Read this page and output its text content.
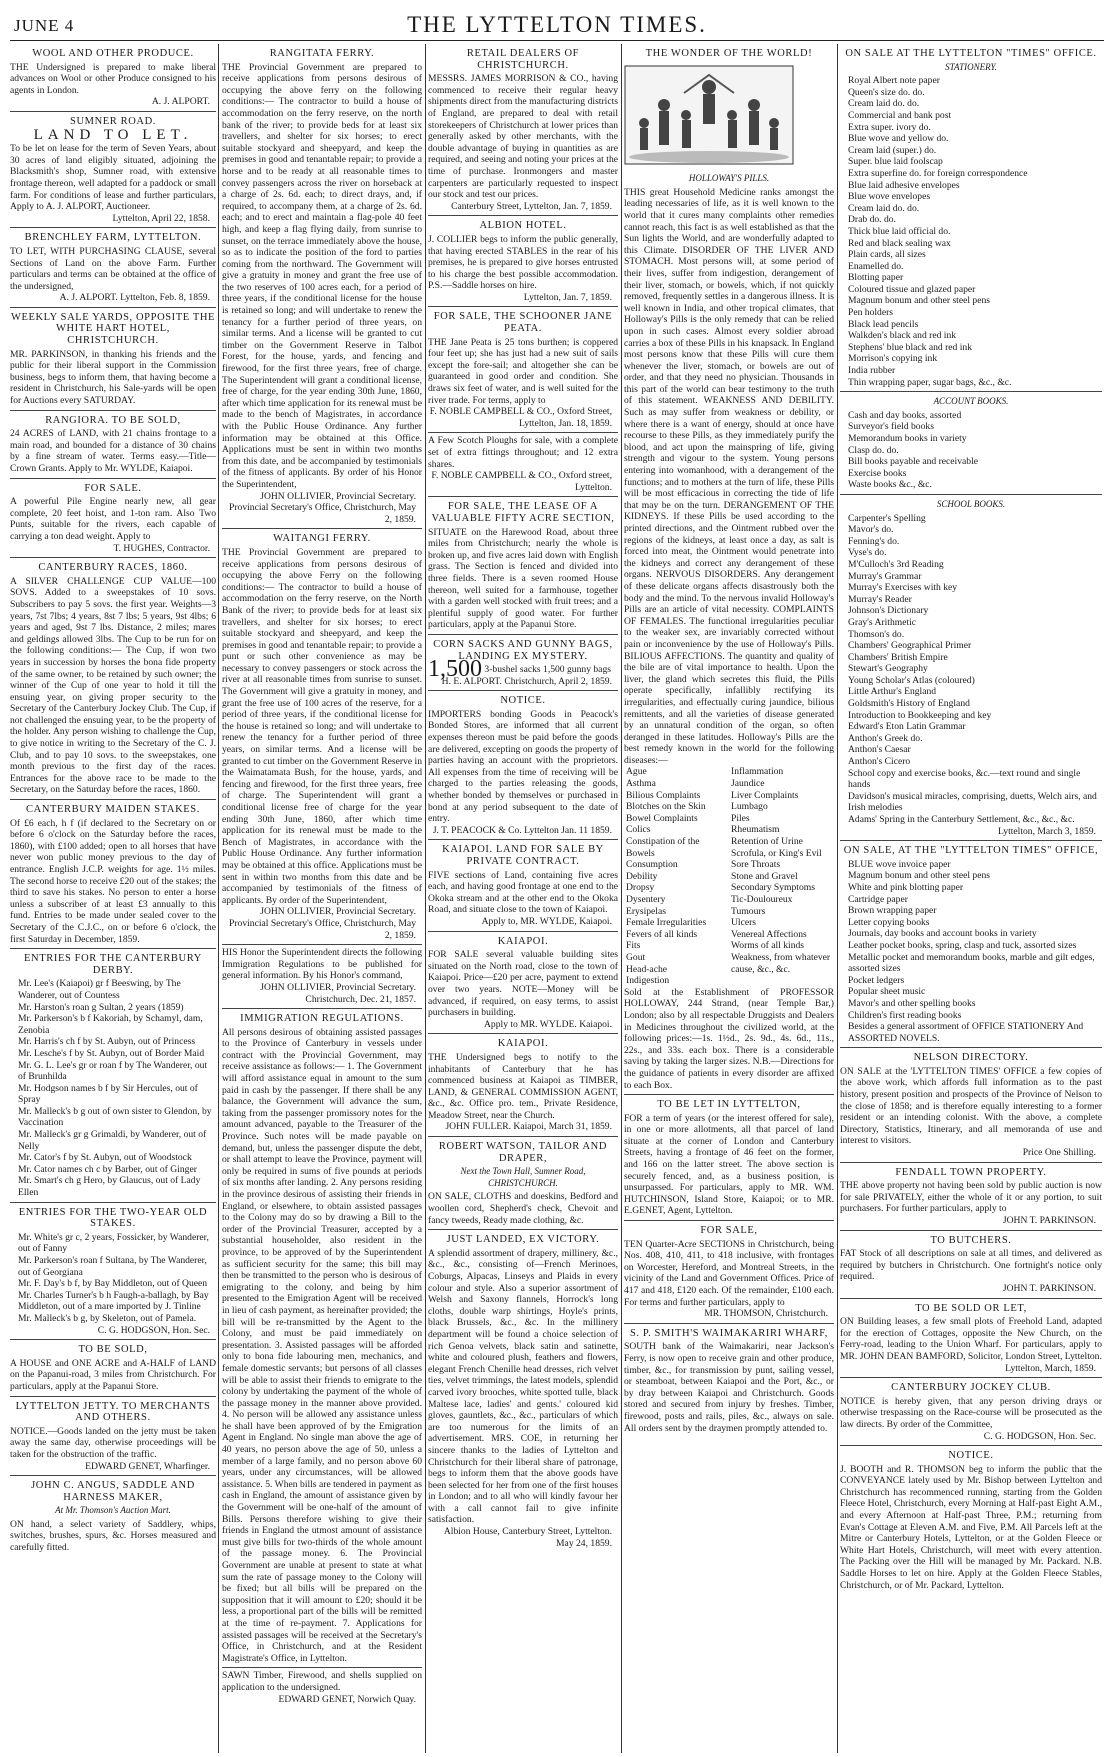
JUNE 4	THE LYTTELTON TIMES.
WOOL AND OTHER PRODUCE.

THE Undersigned is prepared to make liberal advances on Wool or other Produce consigned to his agents in London.

A. J. ALPORT.

SUMNER ROAD.
LAND TO LET.

To be let on lease for the term of Seven Years, about 30 acres of land eligibly situated, adjoining the Blacksmith's shop, Sumner road, with extensive frontage thereon, well adapted for a paddock or small farm. For conditions of lease and further particulars, Apply to A. J. ALPORT, Auctioneer.

Lyttelton, April 22, 1858.

BRENCHLEY FARM, LYTTELTON.

TO LET, WITH PURCHASING CLAUSE, several Sections of Land on the above Farm. Further particulars and terms can be obtained at the office of the undersigned,

A. J. ALPORT. Lyttelton, Feb. 8, 1859.

WEEKLY SALE YARDS, OPPOSITE THE WHITE HART HOTEL, CHRISTCHURCH.

MR. PARKINSON, in thanking his friends and the public for their liberal support in the Commission business, begs to inform them, that having become a resident in Christchurch, his Sale-yards will be open for Auctions every SATURDAY.

RANGIORA. TO BE SOLD,

24 ACRES of LAND, with 21 chains frontage to a main road, and bounded for a distance of 30 chains by a fine stream of water. Terms easy.—Title—Crown Grants. Apply to Mr. WYLDE, Kaiapoi.

FOR SALE.

A powerful Pile Engine nearly new, all gear complete, 20 feet hoist, and 1-ton ram. Also Two Punts, suitable for the rivers, each capable of carrying a ton dead weight. Apply to

T. HUGHES, Contractor.

CANTERBURY RACES, 1860.

A SILVER CHALLENGE CUP VALUE—100 SOVS. Added to a sweepstakes of 10 sovs. Subscribers to pay 5 sovs. the first year. Weights—3 years, 7st 7lbs; 4 years, 8st 7 lbs; 5 years, 9st 4lbs; 6 years and aged, 9st 7 lbs. Distance, 2 miles; mares and geldings allowed 3lbs. The Cup to be run for on the following conditions:— The Cup, if won two years in succession by horses the bona fide property of the same owner, to be retained by such owner; the winner of the Cup of one year to hold it till the ensuing year, on giving proper security to the Secretary of the Canterbury Jockey Club. The Cup, if not challenged the ensuing year, to be the property of the holder. Any person wishing to challenge the Cup, to give notice in writing to the Secretary of the C. J. Club, and to pay 10 sovs. to the sweepstakes, one month previous to the first day of the races. Entrances for the above race to be made to the Secretary, on the Saturday before the races, 1860.

CANTERBURY MAIDEN STAKES.

Of £6 each, h f (if declared to the Secretary on or before 6 o'clock on the Saturday before the races, 1860), with £100 added; open to all horses that have never won public money previous to the day of entrance. English J.C.P. weights for age. 1½ miles. The second horse to receive £20 out of the stakes; the third to save his stakes. No person to enter a horse unless a subscriber of at least £3 annually to this fund. Entries to be made under sealed cover to the Secretary of the C.J.C., on or before 6 o'clock, the first Saturday in December, 1859.

ENTRIES FOR THE CANTERBURY DERBY.
Mr. Lee's (Kaiapoi) gr f Beeswing, by The Wanderer, out of Countess
Mr. Harston's roan g Sultan, 2 years (1859)
Mr. Parkerson's b f Kakoriah, by Schamyl, dam, Zenobia
Mr. Harris's ch f by St. Aubyn, out of Princess
Mr. Lesche's f by St. Aubyn, out of Border Maid
Mr. G. L. Lee's gr or roan f by The Wanderer, out of Brunhilda
Mr. Hodgson names b f by Sir Hercules, out of Spray
Mr. Malleck's b g out of own sister to Glendon, by Vaccination
Mr. Malleck's gr g Grimaldi, by Wanderer, out of Nelly
Mr. Cator's f by St. Aubyn, out of Woodstock
Mr. Cator names ch c by Barber, out of Ginger
Mr. Smart's ch g Hero, by Glaucus, out of Lady Ellen
ENTRIES FOR THE TWO-YEAR OLD STAKES.
Mr. White's gr c, 2 years, Fossicker, by Wanderer, out of Fanny
Mr. Parkerson's roan f Sultana, by The Wanderer, out of Georgiana
Mr. F. Day's b f, by Bay Middleton, out of Queen
Mr. Charles Turner's b h Faugh-a-ballagh, by Bay Middleton, out of a mare imported by J. Tinline
Mr. Malleck's b g, by Skeleton, out of Pamela.

C. G. HODGSON, Hon. Sec.

TO BE SOLD,

A HOUSE and ONE ACRE and A-HALF of LAND on the Papanui-road, 3 miles from Christchurch. For particulars, apply at the Papanui Store.

LYTTELTON JETTY. TO MERCHANTS AND OTHERS.

NOTICE.—Goods landed on the jetty must be taken away the same day, otherwise proceedings will be taken for the obstruction of the traffic.

EDWARD GENET, Wharfinger.

JOHN C. ANGUS, SADDLE AND HARNESS MAKER,
At Mr. Thomson's Auction Mart.

ON hand, a select variety of Saddlery, whips, switches, brushes, spurs, &c. Horses measured and carefully fitted.

RANGITATA FERRY.

THE Provincial Government are prepared to receive applications from persons desirous of occupying the above ferry on the following conditions:— The contractor to build a house of accommodation on the ferry reserve, on the north bank of the river; to provide beds for at least six travellers, and shelter for six horses; to erect suitable stockyard and sheepyard, and keep the premises in good and tenantable repair; to provide a horse and to be ready at all reasonable times to convey passengers across the river on horseback at a charge of 2s. 6d. each; to direct drays, and, if required, to accompany them, at a charge of 2s. 6d. each; and to erect and maintain a flag-pole 40 feet high, and keep a flag flying daily, from sunrise to sunset, on the terrace immediately above the house, so as to indicate the position of the ford to parties coming from the northward. The Government will give a gratuity in money and grant the free use of the two reserves of 100 acres each, for a period of three years, if the conditional license for the house is retained so long; and will undertake to renew the tenancy for a further period of three years, on similar terms. And a license will be granted to cut timber on the Government Reserve in Talbot Forest, for the house, yards, and fencing and firewood, for the first three years, free of charge. The Superintendent will grant a conditional license, free of charge, for the year ending 30th June, 1860, after which time application for its renewal must be made to the bench of Magistrates, in accordance with the Public House Ordinance. Any further information may be obtained at this Office. Applications must be sent in within two months from this date, and be accompanied by testimonials of the fitness of applicants. By order of his Honor the Superintendent,

JOHN OLLIVIER, Provincial Secretary. Provincial Secretary's Office, Christchurch, May 2, 1859.

WAITANGI FERRY.

THE Provincial Government are prepared to receive applications from persons desirous of occupying the above Ferry on the following conditions:— The contractor to build a house of accommodation on the ferry reserve, on the North Bank of the river; to provide beds for at least six travellers, and shelter for six horses; to erect suitable stockyard and sheepyard, and keep the premises in good and tenantable repair; to provide a punt or such other convenience as may be necessary to convey passengers or stock across the river at all reasonable times from sunrise to sunset. The Government will give a gratuity in money, and grant the free use of 100 acres of the reserve, for a period of three years, if the conditional license for the house is retained so long; and will undertake to renew the tenancy for a further period of three years, on similar terms. And a license will be granted to cut timber on the Government Reserve in the Waimatamata Bush, for the house, yards, and fencing and firewood, for the first three years, free of charge. The Superintendent will grant a conditional license free of charge for the year ending 30th June, 1860, after which time application for its renewal must be made to the Bench of Magistrates, in accordance with the Public House Ordinance. Any further information may be obtained at this office. Applications must be sent in within two months from this date and be accompanied by testimonials of the fitness of applicants. By order of the Superintendent,

JOHN OLLIVIER, Provincial Secretary. Provincial Secretary's Office, Christchurch, May 2, 1859.

HIS Honor the Superintendent directs the following Immigration Regulations to be published for general information. By his Honor's command,

JOHN OLLIVIER, Provincial Secretary. Christchurch, Dec. 21, 1857.

IMMIGRATION REGULATIONS.

All persons desirous of obtaining assisted passages to the Province of Canterbury in vessels under contract with the Provincial Government, may receive assistance as follows:— 1. The Government will afford assistance equal in amount to the sum paid in cash by the passenger. If there shall be any balance, the Government will advance the sum, taking from the passenger promissory notes for the amount advanced, payable to the Treasurer of the Province. Such notes will be made payable on demand, but, unless the passenger dispute the debt, or shall attempt to leave the Province, payment will only be required in sums of five pounds at periods of six months after landing. 2. Any persons residing in the province desirous of assisting their friends in England, or elsewhere, to obtain assisted passages to the Colony may do so by drawing a Bill to the order of the Provincial Treasurer, accepted by a substantial householder, also resident in the province, to be approved of by the Superintendent as sufficient security for the same; this bill may then be transmitted to the person who is desirous of emigrating to the colony, and being by him presented to the Emigration Agent will be received in lieu of cash payment, as hereinafter provided; the bill will be re-transmitted by the Agent to the Colony, and must be paid immediately on presentation. 3. Assisted passages will be afforded only to bona fide labouring men, mechanics, and female domestic servants; but persons of all classes will be able to assist their friends to emigrate to the colony by undertaking the payment of the whole of the passage money in the manner above provided. 4. No person will be allowed any assistance unless he shall have been approved of by the Emigration Agent in England. No single man above the age of 40 years, no person above the age of 50, unless a member of a large family, and no person above 60 years, under any circumstances, will be allowed assistance. 5. When bills are tendered in payment as cash in England, the amount of assistance given by the Government will be one-half of the amount of Bills. Persons therefore wishing to give their friends in England the utmost amount of assistance must give bills for two-thirds of the whole amount of the passage money. 6. The Provincial Government are unable at present to state at what sum the rate of passage money to the Colony will be fixed; but all bills will be prepared on the supposition that it will amount to £20; should it be less, a proportional part of the bills will be remitted at the time of re-payment. 7. Applications for assisted passages will be received at the Secretary's Office, in Christchurch, and at the Resident Magistrate's Office, in Lyttelton.

SAWN Timber, Firewood, and shells supplied on application to the undersigned.

EDWARD GENET, Norwich Quay.

RETAIL DEALERS OF CHRISTCHURCH.

MESSRS. JAMES MORRISON & CO., having commenced to receive their regular heavy shipments direct from the manufacturing districts of England, are prepared to deal with retail storekeepers of Christchurch at lower prices than generally asked by other merchants, with the double advantage of buying in quantities as are required, and seeing and noting your prices at the time of purchase. Ironmongers and master carpenters are particularly requested to inspect our stock and test our prices.

Canterbury Street, Lyttelton, Jan. 7, 1859.

ALBION HOTEL.

J. COLLIER begs to inform the public generally, that having erected STABLES in the rear of his premises, he is prepared to give horses entrusted to his charge the best possible accommodation. P.S.—Saddle horses on hire.

Lyttelton, Jan. 7, 1859.

FOR SALE, THE SCHOONER JANE PEATA.

THE Jane Peata is 25 tons burthen; is coppered four feet up; she has just had a new suit of sails except the fore-sail; and altogether she can be guaranteed in good order and condition. She draws six feet of water, and is well suited for the river trade. For terms, apply to

F. NOBLE CAMPBELL & CO., Oxford Street, Lyttelton, Jan. 18, 1859.

A Few Scotch Ploughs for sale, with a complete set of extra fittings throughout; and 12 extra shares.

F. NOBLE CAMPBELL & CO., Oxford street, Lyttelton.

FOR SALE, THE LEASE OF A VALUABLE FIFTY ACRE SECTION,

SITUATE on the Harewood Road, about three miles from Christchurch; nearly the whole is broken up, and five acres laid down with English grass. The Section is fenced and divided into three fields. There is a seven roomed House thereon, well suited for a farmhouse, together with a garden well stocked with fruit trees; and a plentiful supply of good water. For further particulars, apply at the Papanui Store.

CORN SACKS AND GUNNY BAGS, LANDING EX MYSTERY.

1,500 3-bushel sacks 1,500 gunny bags

H. E. ALPORT. Christchurch, April 2, 1859.

NOTICE.

IMPORTERS bonding Goods in Peacock's Bonded Stores, are informed that all current expenses thereon must be paid before the goods are delivered, excepting on goods the property of parties having an account with the proprietors. All expenses from the time of receiving will be charged to the parties releasing the goods, whether bonded by themselves or purchased in bond at any period subsequent to the date of entry.

J. T. PEACOCK & Co. Lyttelton Jan. 11 1859.

KAIAPOI. LAND FOR SALE BY PRIVATE CONTRACT.

FIVE sections of Land, containing five acres each, and having good frontage at one end to the Okoka stream and at the other end to the Okoka Road, and situate close to the town of Kaiapoi.

Apply to, MR. WYLDE, Kaiapoi.

KAIAPOI.

FOR SALE several valuable building sites situated on the North road, close to the town of Kaiapoi. Price—£20 per acre, payment to extend over two years. NOTE—Money will be advanced, if required, on easy terms, to assist purchasers in building.

Apply to MR. WYLDE. Kaiapoi.

KAIAPOI.

THE Undersigned begs to notify to the inhabitants of Canterbury that he has commenced business at Kaiapoi as TIMBER, LAND, & GENERAL COMMISSION AGENT, &c., &c. Office pro. tem., Private Residence, Meadow Street, near the Church.

JOHN FULLER. Kaiapoi, March 31, 1859.

ROBERT WATSON, TAILOR AND DRAPER,
Next the Town Hall, Sumner Road, CHRISTCHURCH.

ON SALE, CLOTHS and doeskins, Bedford and woollen cord, Shepherd's check, Chevoit and fancy tweeds, Ready made clothing, &c.

JUST LANDED, EX VICTORY.

A splendid assortment of drapery, millinery, &c., &c., &c., consisting of—French Merinoes, Coburgs, Alpacas, Linseys and Plaids in every colour and style. Also a superior assortment of Welsh and Saxony flannels, Horrock's long cloths, double warp shirtings, Hoyle's prints, black Brussels, &c., &c. In the millinery department will be found a choice selection of rich Genoa velvets, black satin and satinette, white and coloured plush, feathers and flowers, elegant French Chenille head dresses, rich velvet ties, velvet trimmings, the latest models, splendid carved ivory brooches, white spotted tulle, black Maltese lace, ladies' and gents.' coloured kid gloves, gauntlets, &c., &c., particulars of which are too numerous for the limits of an advertisement. MRS. COE, in returning her sincere thanks to the ladies of Lyttelton and Christchurch for their liberal share of patronage, begs to inform them that the above goods have been selected for her from one of the first houses in London; and to all who will kindly favour her with a call cannot fail to give infinite satisfaction.

Albion House, Canterbury Street, Lyttelton. May 24, 1859.

THE WONDER OF THE WORLD!
HOLLOWAY'S PILLS.

THIS great Household Medicine ranks amongst the leading necessaries of life, as it is well known to the world that it cures many complaints other remedies cannot reach, this fact is as well established as that the Sun lights the World, and are wonderfully adapted to this Climate. DISORDER OF THE LIVER AND STOMACH. Most persons will, at some period of their lives, suffer from indigestion, derangement of their liver, stomach, or bowels, which, if not quickly removed, frequently settles in a dangerous illness. It is well known in India, and other tropical climates, that Holloway's Pills is the only remedy that can be relied upon in such cases. Almost every soldier abroad carries a box of these Pills in his knapsack. In England most persons know that these Pills will cure them whenever the liver, stomach, or bowels are out of order, and that they need no physician. Thousands in this part of the world can bear testimony to the truth of this statement. WEAKNESS AND DEBILITY. Such as may suffer from weakness or debility, or where there is a want of energy, should at once have recourse to these Pills, as they immediately purify the blood, and act upon the mainspring of life, giving strength and vigour to the system. Young persons entering into womanhood, with a derangement of the functions; and to mothers at the turn of life, these Pills will be most efficacious in correcting the tide of life that may be on the turn. DERANGEMENT OF THE KIDNEYS. If these Pills be used according to the printed directions, and the Ointment rubbed over the regions of the kidneys, at least once a day, as salt is forced into meat, the Ointment would penetrate into the kidneys and correct any derangement of these organs. NERVOUS DISORDERS. Any derangement of these delicate organs affects disastrously both the body and the mind. To the nervous invalid Holloway's Pills are an article of vital necessity. COMPLAINTS OF FEMALES. The functional irregularities peculiar to the weaker sex, are invariably corrected without pain or inconvenience by the use of Holloway's Pills. BILIOUS AFFECTIONS. The quantity and quality of the bile are of vital importance to health. Upon the liver, the gland which secretes this fluid, the Pills operate specifically, infallibly rectifying its irregularities, and effectually curing jaundice, bilious remittents, and all the varieties of disease generated by an unnatural condition of the organ, so often deranged in these latitudes. Holloway's Pills are the best remedy known in the world for the following diseases:—

Ague
Asthma
Bilious Complaints
Blotches on the Skin
Bowel Complaints
Colics
Constipation of the Bowels
Consumption
Debility
Dropsy
Dysentery
Erysipelas
Female Irregularities
Fevers of all kinds
Fits
Gout
Head-ache
Indigestion
Inflammation
Jaundice
Liver Complaints
Lumbago
Piles
Rheumatism
Retention of Urine
Scrofula, or King's Evil
Sore Throats
Stone and Gravel
Secondary Symptoms
Tic-Douloureux
Tumours
Ulcers
Venereal Affections
Worms of all kinds
Weakness, from whatever cause, &c., &c.

Sold at the Establishment of PROFESSOR HOLLOWAY, 244 Strand, (near Temple Bar,) London; also by all respectable Druggists and Dealers in Medicines throughout the civilized world, at the following prices:—1s. 1½d., 2s. 9d., 4s. 6d., 11s., 22s., and 33s. each box. There is a considerable saving by taking the larger sizes. N.B.—Directions for the guidance of patients in every disorder are affixed to each Box.

TO BE LET IN LYTTELTON,

FOR a term of years (or the interest offered for sale), in one or more allotments, all that parcel of land situate at the corner of London and Canterbury Streets, having a frontage of 46 feet on the former, and 166 on the latter street. The above section is securely fenced, and, as a business position, is unsurpassed. For particulars, apply to MR. WM. HUTCHINSON, Island Store, Kaiapoi; or to MR. E.GENET, Agent, Lyttelton.

FOR SALE,

TEN Quarter-Acre SECTIONS in Christchurch, being Nos. 408, 410, 411, to 418 inclusive, with frontages on Worcester, Hereford, and Montreal Streets, in the vicinity of the Land and Government Offices. Price of 417 and 418, £120 each. Of the remainder, £100 each. For terms and further particulars, apply to

MR. THOMSON, Christchurch.

S. P. SMITH'S WAIMAKARIRI WHARF,

SOUTH bank of the Waimakariri, near Jackson's Ferry, is now open to receive grain and other produce, timber, &c., for transmission by punt, sailing vessel, or steamboat, between Kaiapoi and the Port, &c., or by dray between Kaiapoi and Christchurch. Goods stored and secured from injury by freshes. Timber, firewood, posts and rails, piles, &c., always on sale. All orders sent by the draymen promptly attended to.

ON SALE AT THE LYTTELTON "TIMES" OFFICE.
STATIONERY.
Royal Albert note paper
Queen's size do. do.
Cream laid do. do.
Commercial and bank post
Extra super. ivory do.
Blue wove and yellow do.
Cream laid (super.) do.
Super. blue laid foolscap
Extra superfine do. for foreign correspondence
Blue laid adhesive envelopes
Blue wove envelopes
Cream laid do. do.
Drab do. do.
Thick blue laid official do.
Red and black sealing wax
Plain cards, all sizes
Enamelled do.
Blotting paper
Coloured tissue and glazed paper
Magnum bonum and other steel pens
Pen holders
Black lead pencils
Walkden's black and red ink
Stephens' blue black and red ink
Morrison's copying ink
India rubber
Thin wrapping paper, sugar bags, &c., &c.
ACCOUNT BOOKS.
Cash and day books, assorted
Surveyor's field books
Memorandum books in variety
Clasp do. do.
Bill books payable and receivable
Exercise books
Waste books &c., &c.
SCHOOL BOOKS.
Carpenter's Spelling
Mavor's do.
Fenning's do.
Vyse's do.
M'Culloch's 3rd Reading
Murray's Grammar
Murray's Exercises with key
Murray's Reader
Johnson's Dictionary
Gray's Arithmetic
Thomson's do.
Chambers' Geographical Primer
Chambers' British Empire
Stewart's Geography
Young Scholar's Atlas (coloured)
Little Arthur's England
Goldsmith's History of England
Introduction to Bookkeeping and key
Edward's Eton Latin Grammar
Anthon's Greek do.
Anthon's Caesar
Anthon's Cicero
School copy and exercise books, &c.—text round and single hands
Davidson's musical miracles, comprising, duetts, Welch airs, and Irish melodies
Adams' Spring in the Canterbury Settlement, &c., &c., &c.

Lyttelton, March 3, 1859.

ON SALE, AT THE "LYTTELTON TIMES" OFFICE,
BLUE wove invoice paper
Magnum bonum and other steel pens
White and pink blotting paper
Cartridge paper
Brown wrapping paper
Letter copying books
Journals, day books and account books in variety
Leather pocket books, spring, clasp and tuck, assorted sizes
Metallic pocket and memorandum books, marble and gilt edges, assorted sizes
Pocket ledgers
Popular sheet music
Mavor's and other spelling books
Children's first reading books
Besides a general assortment of OFFICE STATIONERY And ASSORTED NOVELS.
NELSON DIRECTORY.

ON SALE at the 'LYTTELTON TIMES' OFFICE a few copies of the above work, which affords full information as to the past history, present position and prospects of the Province of Nelson to the close of 1858; and is therefore equally interesting to a former resident or an intending colonist. With the above, a complete Directory, Statistics, Itinerary, and all memoranda of use and interest to visitors.

Price One Shilling.

FENDALL TOWN PROPERTY.

THE above property not having been sold by public auction is now for sale PRIVATELY, either the whole of it or any portion, to suit purchasers. For further particulars, apply to

JOHN T. PARKINSON.

TO BUTCHERS.

FAT Stock of all descriptions on sale at all times, and delivered as required by butchers in Christchurch. One fortnight's notice only required.

JOHN T. PARKINSON.

TO BE SOLD OR LET,

ON Building leases, a few small plots of Freehold Land, adapted for the erection of Cottages, opposite the New Church, on the Ferry-road, leading to the Union Wharf. For particulars, apply to MR. JOHN DEAN BAMFORD, Solicitor, London Street, Lyttelton.

Lyttelton, March, 1859.

CANTERBURY JOCKEY CLUB.

NOTICE is hereby given, that any person driving drays or otherwise trespassing on the Race-course will be prosecuted as the law directs. By order of the Committee,

C. G. HODGSON, Hon. Sec.

NOTICE.

J. BOOTH and R. THOMSON beg to inform the public that the CONVEYANCE lately used by Mr. Bishop between Lyttelton and Christchurch has recommenced running, starting from the Golden Fleece Hotel, Christchurch, every Morning at Half-past Eight A.M., and every Afternoon at Half-past Three, P.M.; returning from Evan's Cottage at Eleven A.M. and Five, P.M. All Parcels left at the Mitre or Canterbury Hotels, Lyttelton, or at the Golden Fleece or White Hart Hotels, Christchurch, will meet with every attention. The Packing over the Hill will be managed by Mr. Packard. N.B. Saddle Horses to let on hire. Apply at the Golden Fleece Stables, Christchurch, or of Mr. Packard, Lyttelton.
